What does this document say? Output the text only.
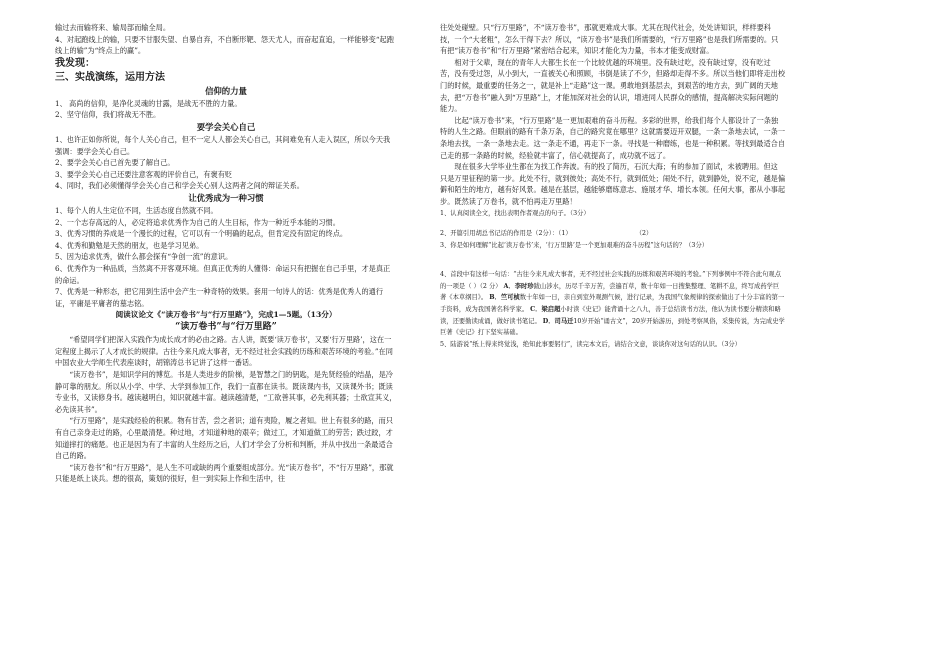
输过去而输将来、输局部而输全局。

4、对起跑线上的输，只要不甘服失望、自暴自弃，不自断形靶、怨天尤人，而奋起直追，一样能够变“起跑线上的输”为“终点上的赢”。

我发现：
三、实战演练，运用方法
信仰的力量

1、 高尚的信仰，是净化灵魂的甘露，是战无不胜的力量。

2、坚守信仰，我们将战无不胜。

要学会关心自己

1、也许正如你所说，每个人关心自己，但不一定人人都会关心自己，其间难免有人走入误区，所以今天我强调：要学会关心自己。

2、要学会关心自己首先要了解自己。

3、要学会关心自己还要注意客观的评价自己，有褒有贬

4、同时，我们必须懂得学会关心自己和学会关心别人这两者之间的辩证关系。

让优秀成为一种习惯

1、每个人的人生定位不同，生活态度自然就不同。

2、一个志存高远的人，必定将追求优秀作为自己的人生目标，作为一种近乎本能的习惯。

3、优秀习惯的养成是一个漫长的过程，它可以有一个明确的起点，但肯定没有固定的终点。

4、优秀和勤勉是天然的朋友，也是学习见弟。

5、因为追求优秀，做什么都会探有“争创一流”的意识。

6、优秀作为一种品质，当然离不开客观环境。但真正优秀的人懂得：命运只有把握在自己手里，才是真正的命运。

7、优秀是一种形态，把它用到生活中会产生一种奇特的效果。套用一句诗人的话：优秀是优秀人的通行证，平庸是平庸者的墓志铭。

阅读议论文《“读万卷书”与“行万里路”》，完成1—5题。（13分）
“读万卷书”与“行万里路”

“希望同学们把深入实践作为成长成才的必由之路。古人讲，既要‘读万卷书’，又要‘行万里路’，这在一定程度上揭示了人才成长的规律。古往今来凡成大事者，无不经过社会实践的历练和艰苦环境的考验。”在同中国农业大学师生代表座谈时，胡锦涛总书记讲了这样一番话。

“读万卷书”，是知识学问的博览。书是人类进步的阶梯，是智慧之门的钥匙，是先贤经验的结晶，是冷静可靠的朋友。所以从小学、中学、大学到参加工作，我们一直都在读书。既读课内书，又读课外书；既读专业书，又读修身书。越读越明白，知识就越丰富。越读越清楚，“工欲善其事，必先利其器；士欲宣其义，必先读其书”。

“行万里路”，是实践经验的积累。物有甘苦，尝之者识；道有夷险，履之者知。世上有很多的路，而只有自己亲身走过的路，心里最清楚。种过地，才知道种地的艰辛；做过工，才知道做工的劳苦；跌过跤，才知道摔打的痛楚。也正是因为有了丰富的人生经历之后，人们才学会了分析和判断，并从中找出一条最适合自己的路。

“读万卷书”和“行万里路”，是人生不可或缺的两个重要组成部分。光“读万卷书”，不“行万里路”，那就只能是纸上谈兵。想的很高，策划的很好，但一到实际上作和生活中，往

往处处碰壁。只“行万里路”，不“读万卷书”，那就更难成大事。尤其在现代社会，处处讲知识，样样要科技，一个“大老粗”，怎么干得下去？所以，“读万卷书”是我们所需要的，“行万里路”也是我们所需要的。只有把“读万卷书”和“行万里路”紧密结合起来，知识才能化为力量，书本才能变成财富。

相对于父辈，现在的青年人大都生长在一个比较优越的环境里。没有缺过吃，没有缺过穿，没有吃过苦，没有受过怨，从小到大，一直被关心和照顾，书倒是读了不少，但路却走得不多。所以当他们即将走出校门的时候，最重要的任务之一，就是补上“走路”这一课。勇敢地到基层去，到艰苦的地方去，到广阔的天地去，把“万卷书”融入到“万里路”上，才能加深对社会的认识，增进同人民群众的感情，提高解决实际问题的能力。

比起“读万卷书”来，“行万里路”是一更加艰难的奋斗历程。多彩的世界，给我们每个人都设计了一条独特的人生之路。但眼前的路有千条万条，自己的路究竟在哪里？这就需要迈开双腿，一条一条地去试，一条一条地去找，一条一条地去走。这一条走不通，再走下一条。寻找是一种磨练，也是一种积累。等找到最适合自己走的那一条路的时候，经验就丰富了，信心就提高了，成功就不远了。

现在很多大学毕业生都在为找工作奔波。有的投了简历，石沉大海；有的参加了面试，未被聘用。但这只是万里征程的第一步。此处不行，就到彼处；高处不行，就到低处；闹处不行，就到静处，说不定，越是偏僻和陌生的地方，越有好风景。越是在基层，越能够磨练意志、施展才华、增长本领。任何大事，都从小事起步。既然读了万卷书，就不怕再走万里路！

1、认真阅读全文，找出表明作者观点的句子。（3分）

2、开篇引用胡总书记话的作用是（2分）：（1）	（2）

3、你是如何理解“比起‘读万卷书’来，‘行万里路’是一个更加艰难的奋斗历程”这句话的？（3分）

4、首段中有这样一句话：“古往今来凡成大事者，无不经过社会实践的历练和艰苦环境的考验。”下列事例中不符合此句观点的一项是（ ）（2 分） A．李时珍跋山涉水，历尽千辛万苦，尝遍百草，数十年如一日搜集整理、笔耕不息，终写成药学巨著《本草纲目》。 B．竺可桢数十年如一日，亲自到室外观测气候，进行记录，为我国气象规律的探索做出了十分丰富的第一手资料，成为我国著名科学家。 C．梁启超小时读《史记》能背诵十之八九，善于总结读书方法，他认为读书要分精读和略读，还要勤读成诵，做好读书笔记。 D．司马迁10岁开始“诵古文”，20岁开始游历，到处考察风俗，采集传说，为完成史学巨著《史记》打下坚实基础。

5、陆游说“纸上得来终觉浅，绝知此事要躬行”，读完本文后，请结合文意，谈谈你对这句话的认识。（3分）
